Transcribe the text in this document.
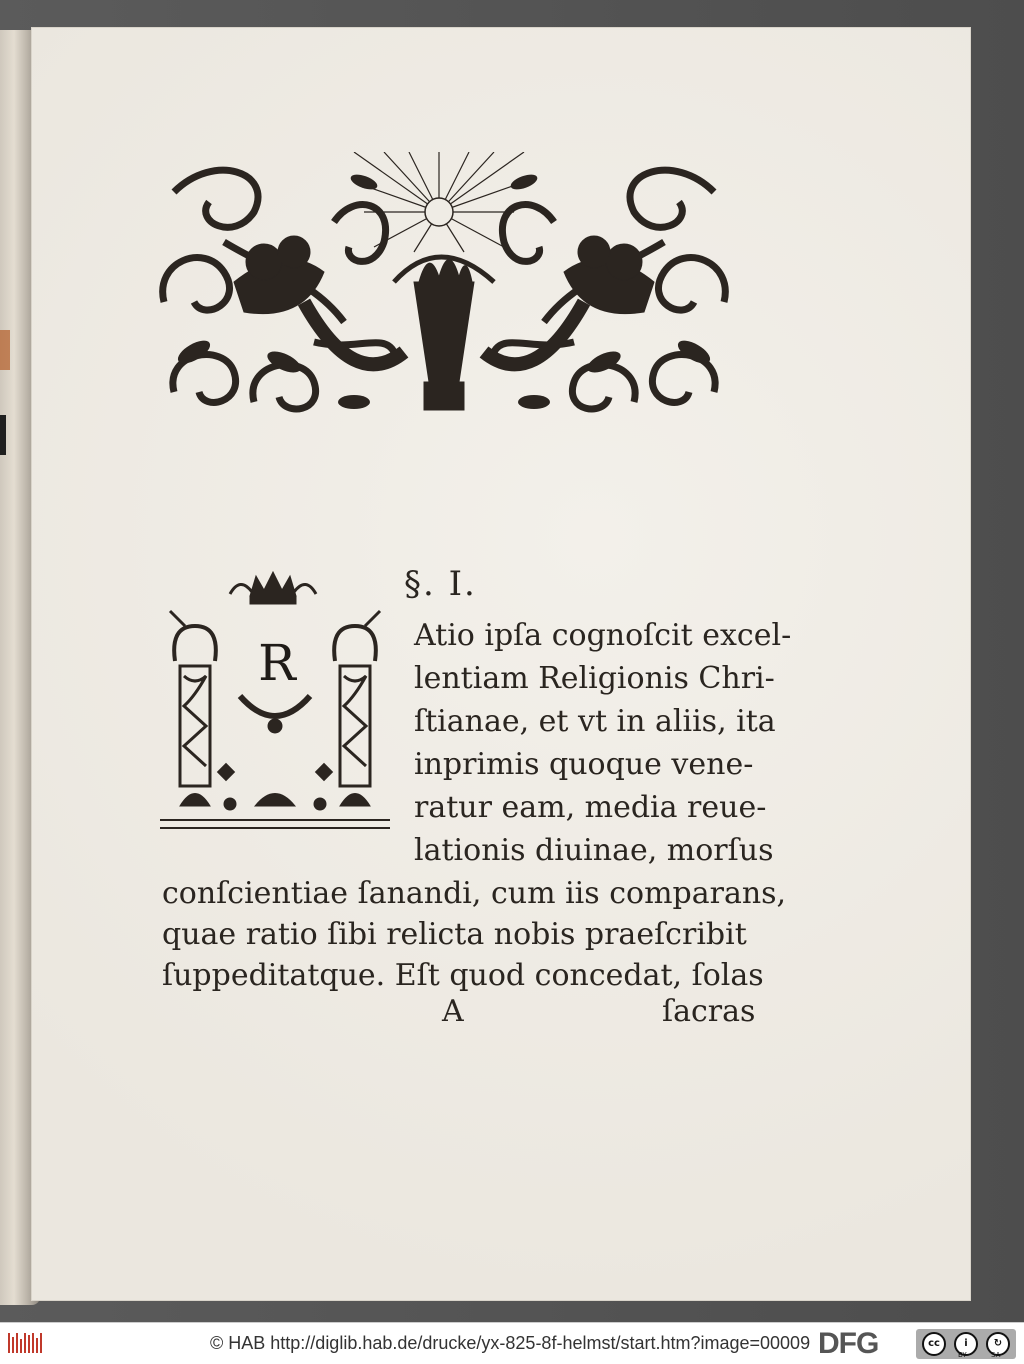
§. I.
R
A	ſacras
Atio ipſa cognoſcit excel-
lentiam Religionis Chri-
ſtianae, et vt in aliis, ita
inprimis quoque vene-
ratur eam, media reue-
lationis diuinae, morſus
conſcientiae ſanandi, cum iis comparans,
quae ratio ſibi relicta nobis praeſcribit
ſuppeditatque. Eſt quod concedat, ſolas
© HAB http://diglib.hab.de/drucke/yx-825-8f-helmst/start.htm?image=00009 DFG	cc	i	↻
BY	SA
